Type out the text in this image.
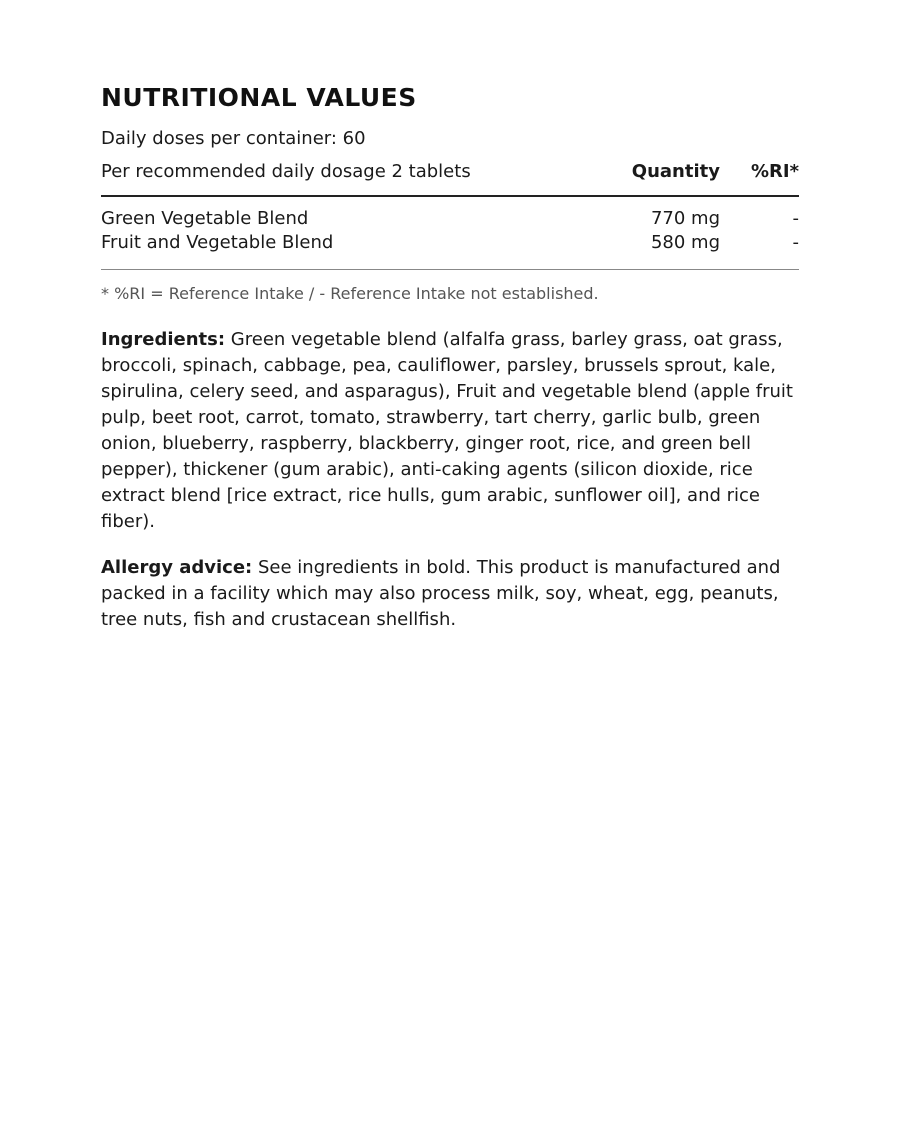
NUTRITIONAL VALUES
Daily doses per container: 60
Per recommended daily dosage 2 tablets	Quantity	%RI*
Green Vegetable Blend	770 mg	-
Fruit and Vegetable Blend	580 mg	-
* %RI = Reference Intake / - Reference Intake not established.

Ingredients: Green vegetable blend (alfalfa grass, barley grass, oat grass, broccoli, spinach, cabbage, pea, cauliflower, parsley, brussels sprout, kale, spirulina, celery seed, and asparagus), Fruit and vegetable blend (apple fruit pulp, beet root, carrot, tomato, strawberry, tart cherry, garlic bulb, green onion, blueberry, raspberry, blackberry, ginger root, rice, and green bell pepper), thickener (gum arabic), anti-caking agents (silicon dioxide, rice extract blend [rice extract, rice hulls, gum arabic, sunflower oil], and rice fiber).

Allergy advice: See ingredients in bold. This product is manufactured and packed in a facility which may also process milk, soy, wheat, egg, peanuts, tree nuts, fish and crustacean shellfish.
